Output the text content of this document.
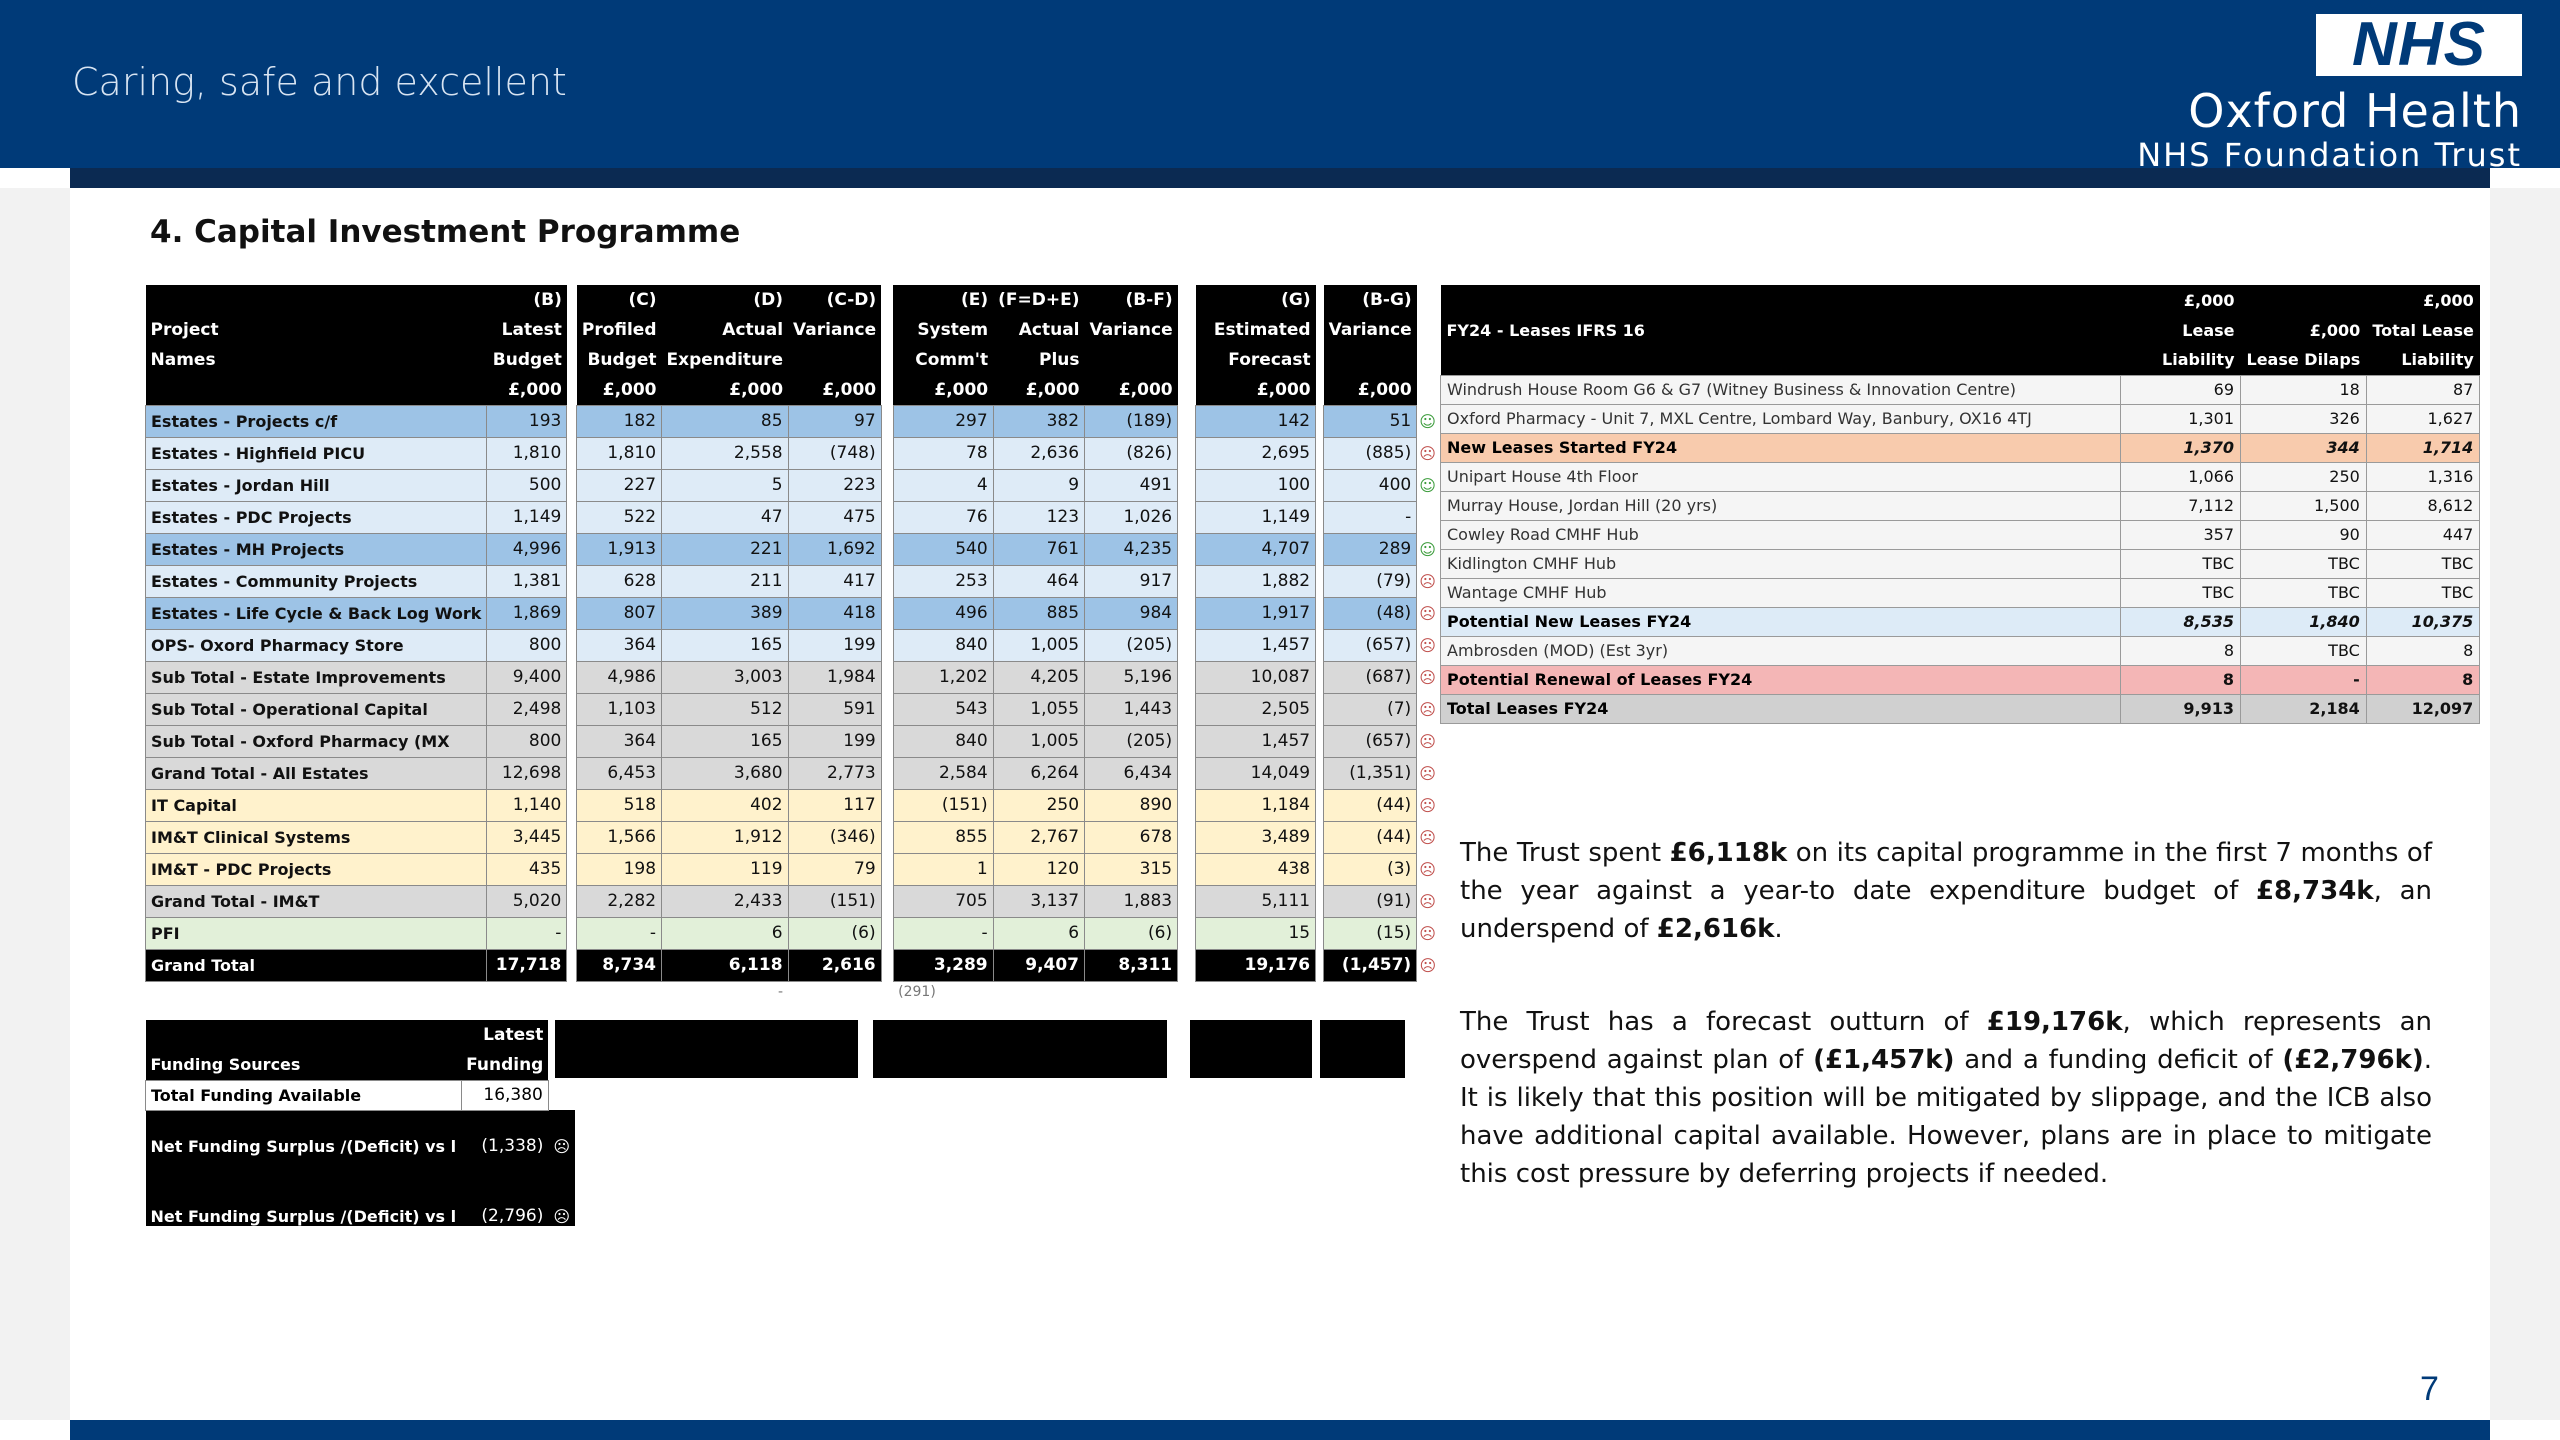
Caring, safe and excellent
NHS
Oxford Health
NHS Foundation Trust
4. Capital Investment Programme
	(B)		(C)	(D)	(C-D)		(E)	(F=D+E)	(B-F)		(G)		(B-G)	
Project	Latest		Profiled	Actual	Variance		System	Actual	Variance		Estimated		Variance	
Names	Budget		Budget	Expenditure			Comm't	Plus			Forecast			
	£,000		£,000	£,000	£,000		£,000	£,000	£,000		£,000		£,000	
Estates - Projects c/f	193		182	85	97		297	382	(189)		142		51	☺
Estates - Highfield PICU	1,810		1,810	2,558	(748)		78	2,636	(826)		2,695		(885)	☹
Estates - Jordan Hill	500		227	5	223		4	9	491		100		400	☺
Estates - PDC Projects	1,149		522	47	475		76	123	1,026		1,149		-	
Estates - MH Projects	4,996		1,913	221	1,692		540	761	4,235		4,707		289	☺
Estates - Community Projects	1,381		628	211	417		253	464	917		1,882		(79)	☹
Estates - Life Cycle & Back Log Work	1,869		807	389	418		496	885	984		1,917		(48)	☹
OPS- Oxord Pharmacy Store	800		364	165	199		840	1,005	(205)		1,457		(657)	☹
Sub Total - Estate Improvements	9,400		4,986	3,003	1,984		1,202	4,205	5,196		10,087		(687)	☹
Sub Total - Operational Capital	2,498		1,103	512	591		543	1,055	1,443		2,505		(7)	☹
Sub Total - Oxford Pharmacy (MX	800		364	165	199		840	1,005	(205)		1,457		(657)	☹
Grand Total - All Estates	12,698		6,453	3,680	2,773		2,584	6,264	6,434		14,049		(1,351)	☹
IT Capital	1,140		518	402	117		(151)	250	890		1,184		(44)	☹
IM&T Clinical Systems	3,445		1,566	1,912	(346)		855	2,767	678		3,489		(44)	☹
IM&T - PDC Projects	435		198	119	79		1	120	315		438		(3)	☹
Grand Total - IM&T	5,020		2,282	2,433	(151)		705	3,137	1,883		5,111		(91)	☹
PFI	-		-	6	(6)		-	6	(6)		15		(15)	☹
Grand Total	17,718		8,734	6,118	2,616		3,289	9,407	8,311		19,176		(1,457)	☹
				-			(291)							
	Latest	
Funding Sources	Funding	
Total Funding Available	16,380	
Net Funding Surplus /(Deficit) vs l	(1,338)	☹
Net Funding Surplus /(Deficit) vs l	(2,796)	☹
	£,000		£,000
FY24 - Leases IFRS 16	Lease	£,000	Total Lease
	Liability	Lease Dilaps	Liability
Windrush House Room G6 & G7 (Witney Business & Innovation Centre)	69	18	87
Oxford Pharmacy - Unit 7, MXL Centre, Lombard Way, Banbury, OX16 4TJ	1,301	326	1,627
New Leases Started FY24	1,370	344	1,714
Unipart House 4th Floor	1,066	250	1,316
Murray House, Jordan Hill (20 yrs)	7,112	1,500	8,612
Cowley Road CMHF Hub	357	90	447
Kidlington CMHF Hub	TBC	TBC	TBC
Wantage CMHF Hub	TBC	TBC	TBC
Potential New Leases FY24	8,535	1,840	10,375
Ambrosden (MOD) (Est 3yr)	8	TBC	8
Potential Renewal of Leases FY24	8	-	8
Total Leases FY24	9,913	2,184	12,097
The Trust spent £6,118k on its capital programme in the first 7 months of the year against a year-to date expenditure budget of £8,734k, an underspend of £2,616k.
The Trust has a forecast outturn of £19,176k, which represents an overspend against plan of (£1,457k) and a funding deficit of (£2,796k). It is likely that this position will be mitigated by slippage, and the ICB also have additional capital available. However, plans are in place to mitigate this cost pressure by deferring projects if needed.
7
